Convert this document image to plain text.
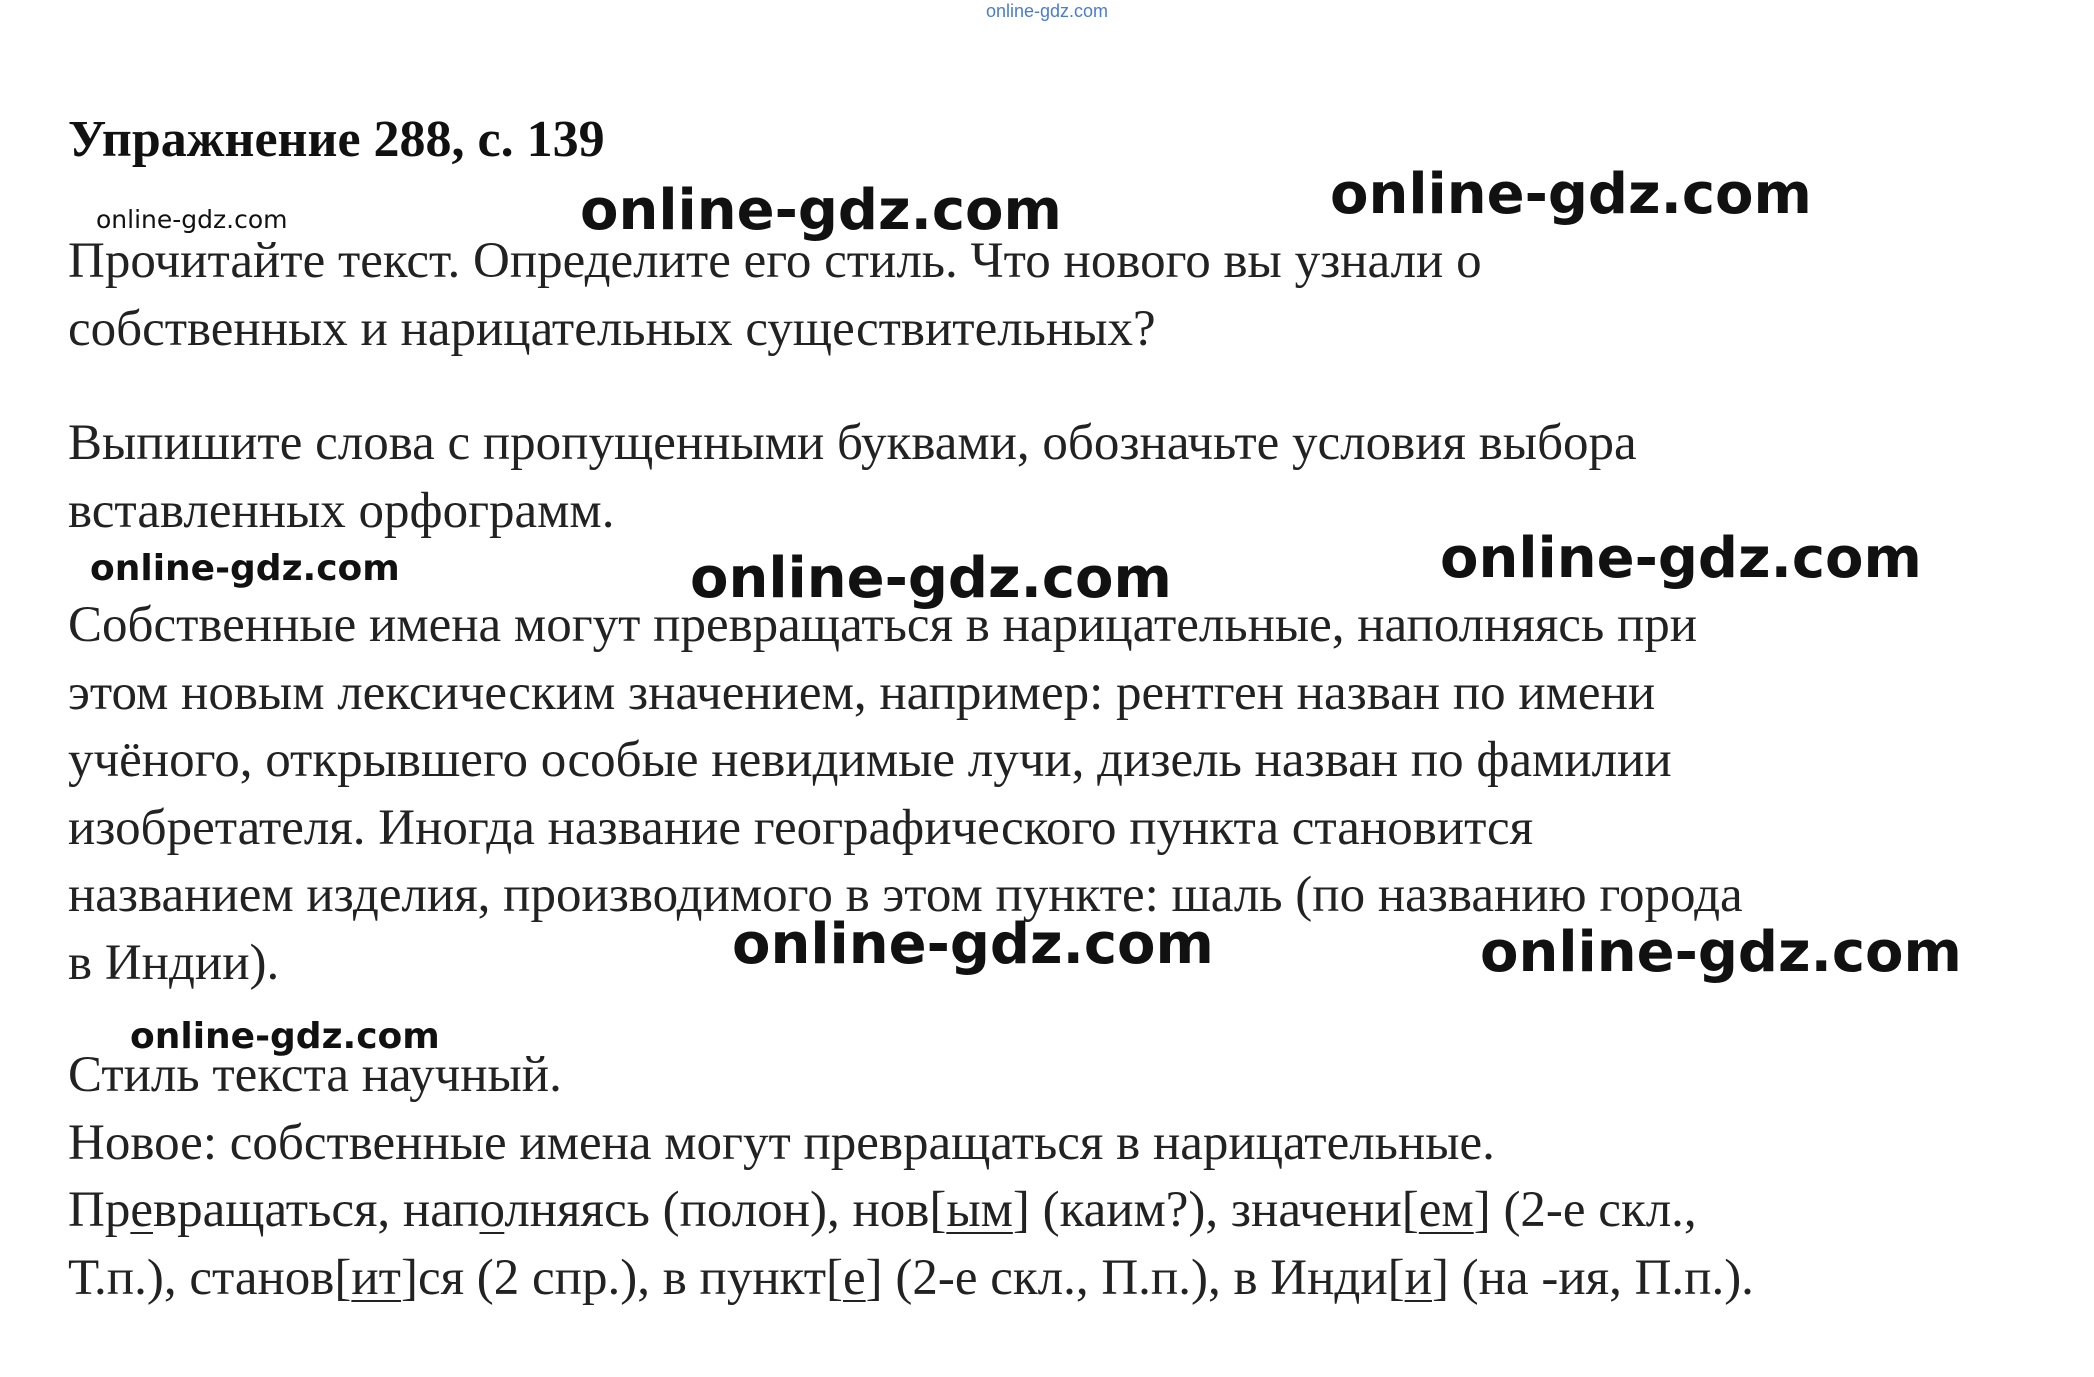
online-gdz.com
Упражнение 288, с. 139
Прочитайте текст. Определите его стиль. Что нового вы узнали о
собственных и нарицательных существительных?
Выпишите слова с пропущенными буквами, обозначьте условия выбора
вставленных орфограмм.
Собственные имена могут превращаться в нарицательные, наполняясь при
этом новым лексическим значением, например: рентген назван по имени
учёного, открывшего особые невидимые лучи, дизель назван по фамилии
изобретателя. Иногда название географического пункта становится
названием изделия, производимого в этом пункте: шаль (по названию города
в Индии).
Стиль текста научный.
Новое: собственные имена могут превращаться в нарицательные.
Превращаться, наполняясь (полон), нов[ым] (каим?), значени[ем] (2-е скл.,
Т.п.), станов[ит]ся (2 спр.), в пункт[е] (2-е скл., П.п.), в Инди[и] (на -ия, П.п.).
online-gdz.com	online-gdz.com	online-gdz.com
online-gdz.com	online-gdz.com	online-gdz.com
online-gdz.com	online-gdz.com
online-gdz.com
